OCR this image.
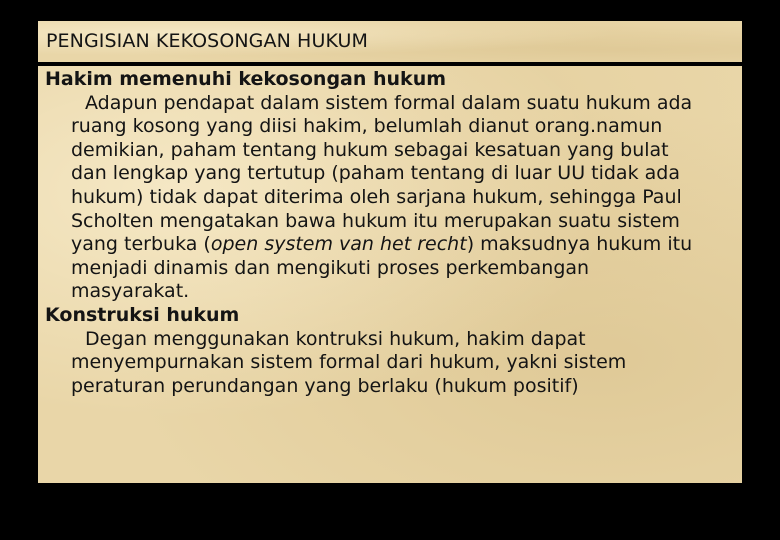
PENGISIAN KEKOSONGAN HUKUM
Hakim memenuhi kekosongan hukum
Adapun pendapat dalam sistem formal dalam suatu hukum ada
ruang kosong yang diisi hakim, belumlah dianut orang.namun
demikian, paham tentang hukum sebagai kesatuan yang bulat
dan lengkap yang tertutup (paham tentang di luar UU tidak ada
hukum) tidak dapat diterima oleh sarjana hukum, sehingga Paul
Scholten mengatakan bawa hukum itu merupakan suatu sistem
yang terbuka (open system van het recht) maksudnya hukum itu
menjadi dinamis dan mengikuti proses perkembangan
masyarakat.
Konstruksi hukum
Degan menggunakan kontruksi hukum, hakim dapat
menyempurnakan sistem formal dari hukum, yakni sistem
peraturan perundangan yang berlaku (hukum positif)
